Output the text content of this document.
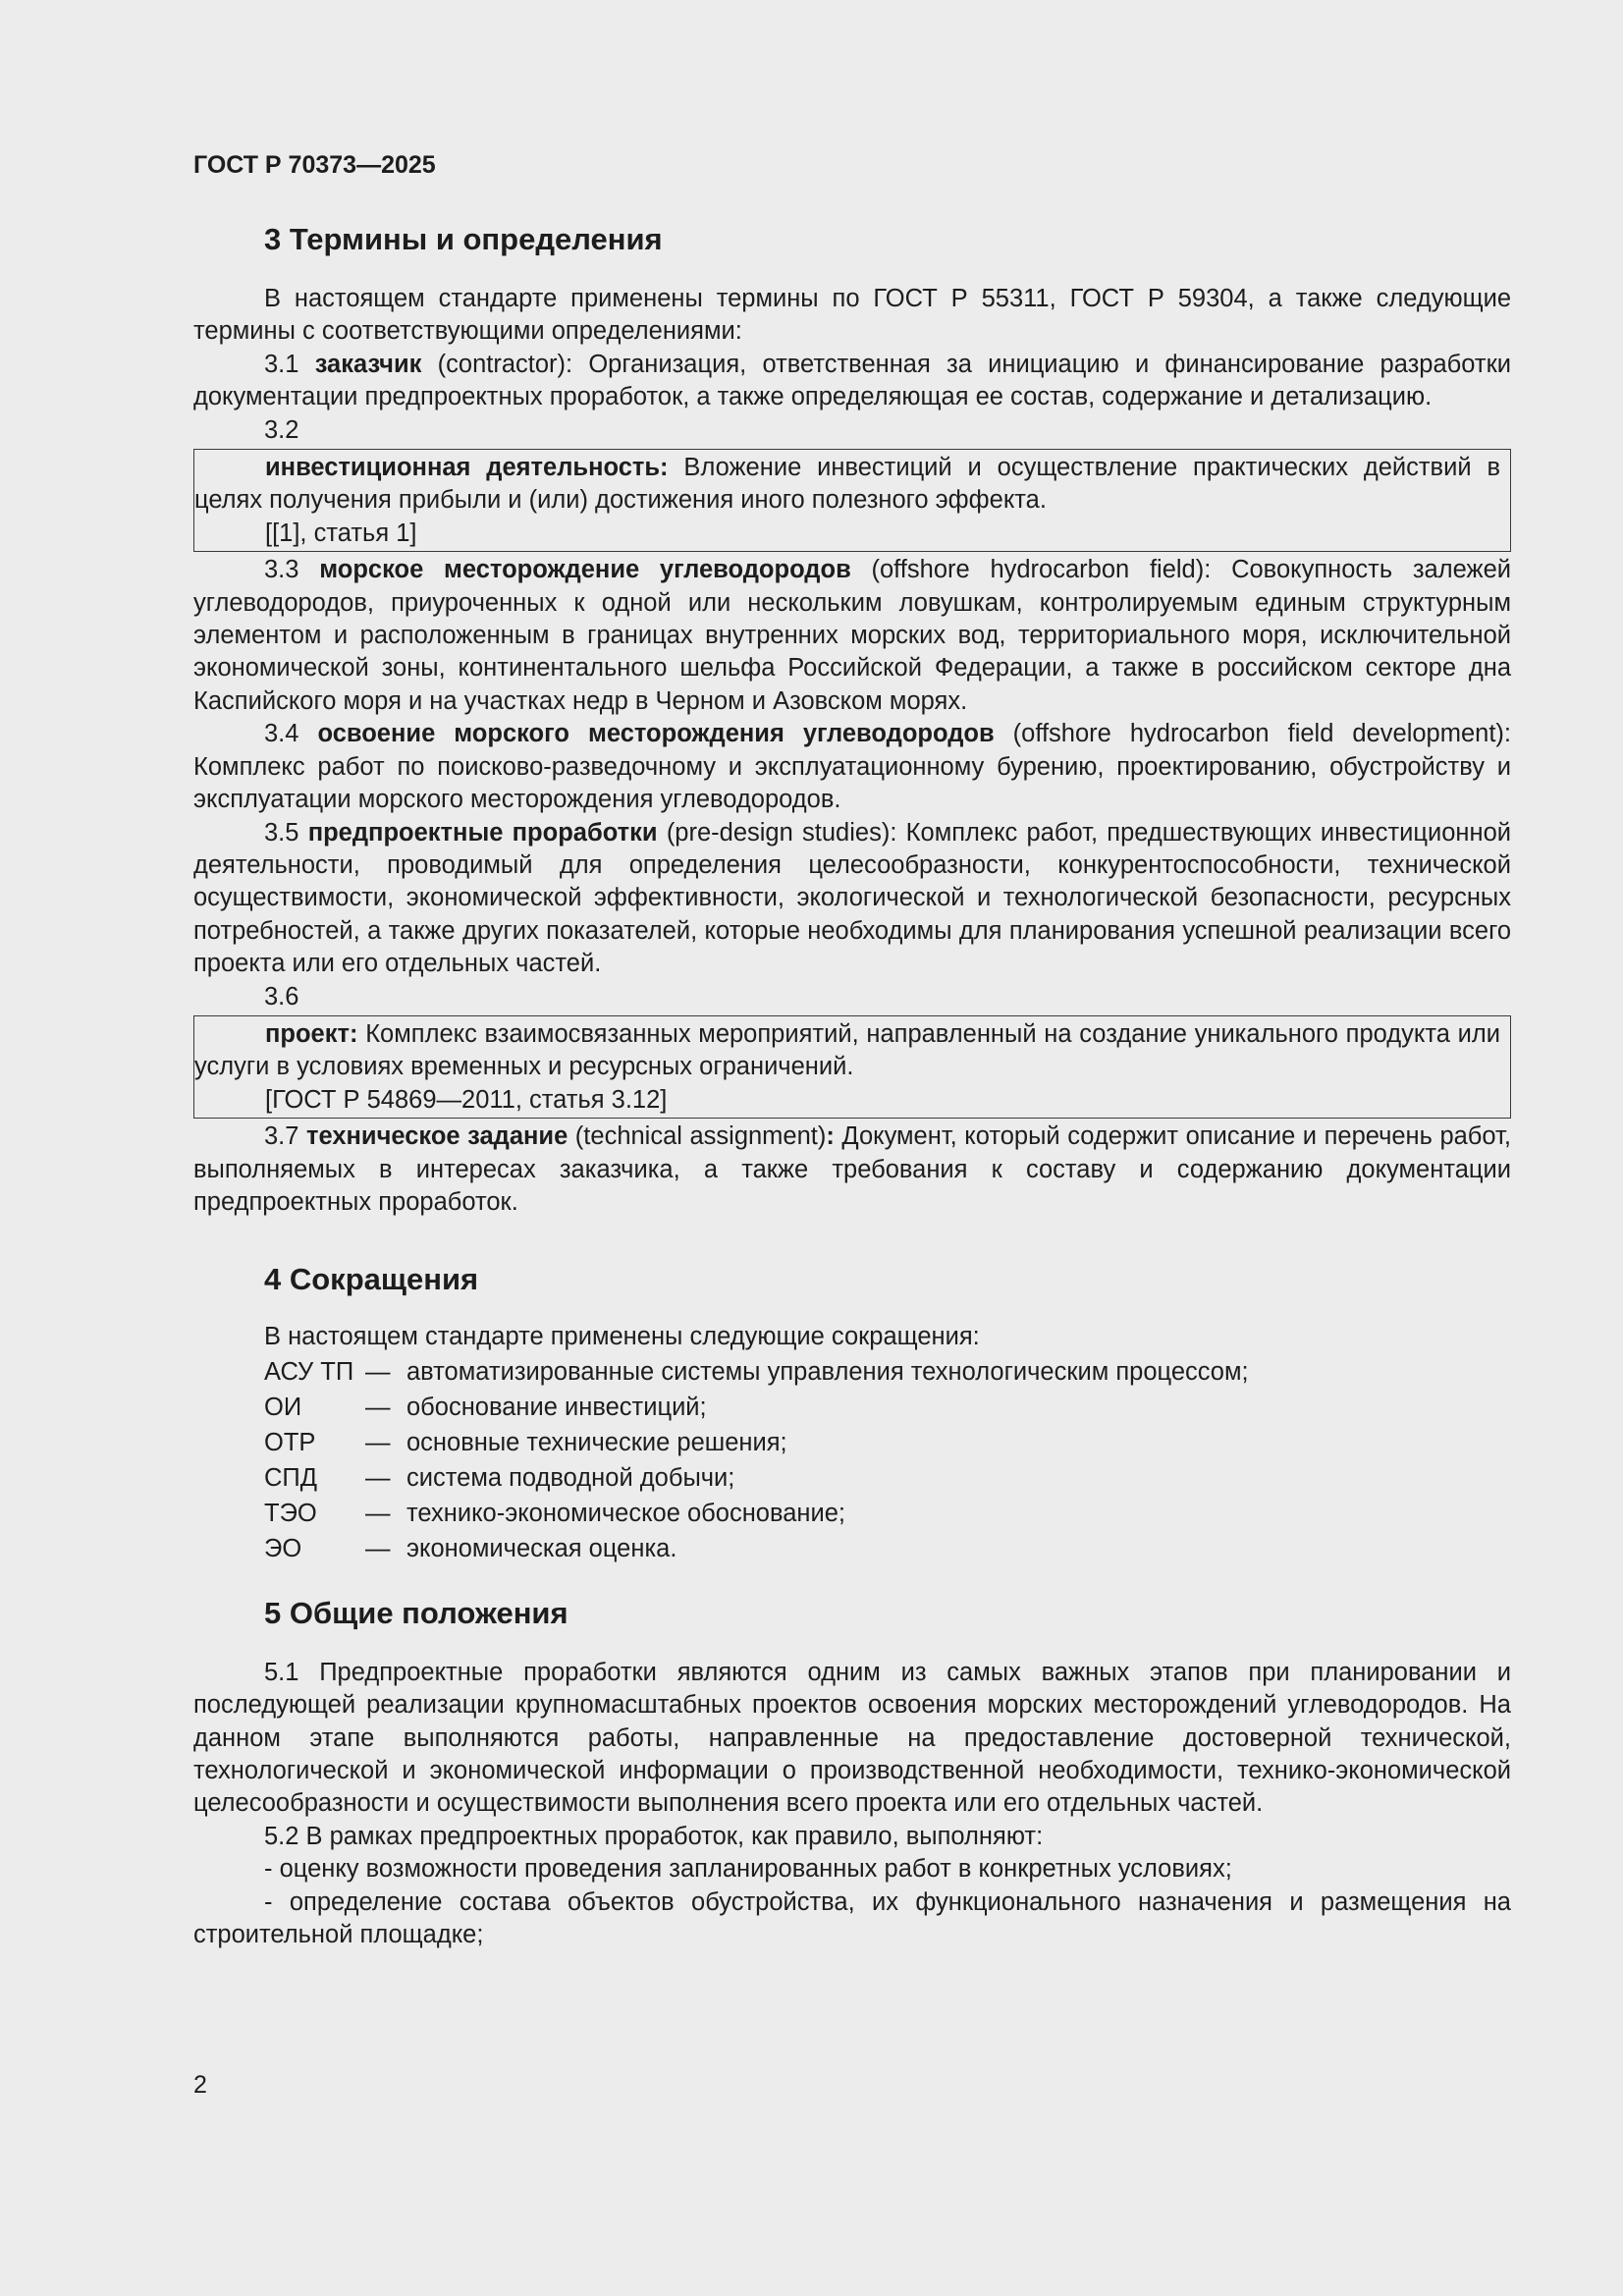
ГОСТ Р 70373—2025
3 Термины и определения

В настоящем стандарте применены термины по ГОСТ Р 55311, ГОСТ Р 59304, а также следующие термины с соответствующими определениями:

3.1 заказчик (contractor): Организация, ответственная за инициацию и финансирование разработки документации предпроектных проработок, а также определяющая ее состав, содержание и детализацию.

3.2

инвестиционная деятельность: Вложение инвестиций и осуществление практических действий в целях получения прибыли и (или) достижения иного полезного эффекта.

[[1], статья 1]

3.3 морское месторождение углеводородов (offshore hydrocarbon field): Совокупность залежей углеводородов, приуроченных к одной или нескольким ловушкам, контролируемым единым структурным элементом и расположенным в границах внутренних морских вод, территориального моря, исключительной экономической зоны, континентального шельфа Российской Федерации, а также в российском секторе дна Каспийского моря и на участках недр в Черном и Азовском морях.

3.4 освоение морского месторождения углеводородов (offshore hydrocarbon field development): Комплекс работ по поисково-разведочному и эксплуатационному бурению, проектированию, обустройству и эксплуатации морского месторождения углеводородов.

3.5 предпроектные проработки (pre-design studies): Комплекс работ, предшествующих инвестиционной деятельности, проводимый для определения целесообразности, конкурентоспособности, технической осуществимости, экономической эффективности, экологической и технологической безопасности, ресурсных потребностей, а также других показателей, которые необходимы для планирования успешной реализации всего проекта или его отдельных частей.

3.6

проект: Комплекс взаимосвязанных мероприятий, направленный на создание уникального продукта или услуги в условиях временных и ресурсных ограничений.

[ГОСТ Р 54869—2011, статья 3.12]

3.7 техническое задание (technical assignment): Документ, который содержит описание и перечень работ, выполняемых в интересах заказчика, а также требования к составу и содержанию документации предпроектных проработок.

4 Сокращения

В настоящем стандарте применены следующие сокращения:

АСУ ТП — автоматизированные системы управления технологическим процессом;
ОИ	— обоснование инвестиций;
ОТР	— основные технические решения;
СПД	— система подводной добычи;
ТЭО	— технико-экономическое обоснование;
ЭО	— экономическая оценка.
5 Общие положения

5.1 Предпроектные проработки являются одним из самых важных этапов при планировании и последующей реализации крупномасштабных проектов освоения морских месторождений углеводородов. На данном этапе выполняются работы, направленные на предоставление достоверной технической, технологической и экономической информации о производственной необходимости, технико-экономической целесообразности и осуществимости выполнения всего проекта или его отдельных частей.

5.2 В рамках предпроектных проработок, как правило, выполняют:

- оценку возможности проведения запланированных работ в конкретных условиях;

- определение состава объектов обустройства, их функционального назначения и размещения на строительной площадке;

2
